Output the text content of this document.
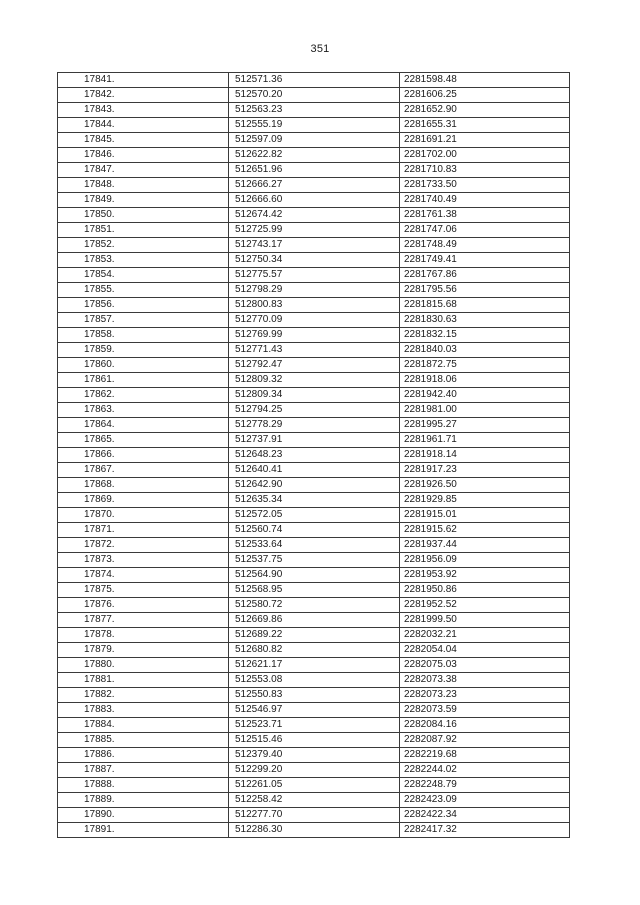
351
17841.	512571.36	2281598.48
17842.	512570.20	2281606.25
17843.	512563.23	2281652.90
17844.	512555.19	2281655.31
17845.	512597.09	2281691.21
17846.	512622.82	2281702.00
17847.	512651.96	2281710.83
17848.	512666.27	2281733.50
17849.	512666.60	2281740.49
17850.	512674.42	2281761.38
17851.	512725.99	2281747.06
17852.	512743.17	2281748.49
17853.	512750.34	2281749.41
17854.	512775.57	2281767.86
17855.	512798.29	2281795.56
17856.	512800.83	2281815.68
17857.	512770.09	2281830.63
17858.	512769.99	2281832.15
17859.	512771.43	2281840.03
17860.	512792.47	2281872.75
17861.	512809.32	2281918.06
17862.	512809.34	2281942.40
17863.	512794.25	2281981.00
17864.	512778.29	2281995.27
17865.	512737.91	2281961.71
17866.	512648.23	2281918.14
17867.	512640.41	2281917.23
17868.	512642.90	2281926.50
17869.	512635.34	2281929.85
17870.	512572.05	2281915.01
17871.	512560.74	2281915.62
17872.	512533.64	2281937.44
17873.	512537.75	2281956.09
17874.	512564.90	2281953.92
17875.	512568.95	2281950.86
17876.	512580.72	2281952.52
17877.	512669.86	2281999.50
17878.	512689.22	2282032.21
17879.	512680.82	2282054.04
17880.	512621.17	2282075.03
17881.	512553.08	2282073.38
17882.	512550.83	2282073.23
17883.	512546.97	2282073.59
17884.	512523.71	2282084.16
17885.	512515.46	2282087.92
17886.	512379.40	2282219.68
17887.	512299.20	2282244.02
17888.	512261.05	2282248.79
17889.	512258.42	2282423.09
17890.	512277.70	2282422.34
17891.	512286.30	2282417.32
